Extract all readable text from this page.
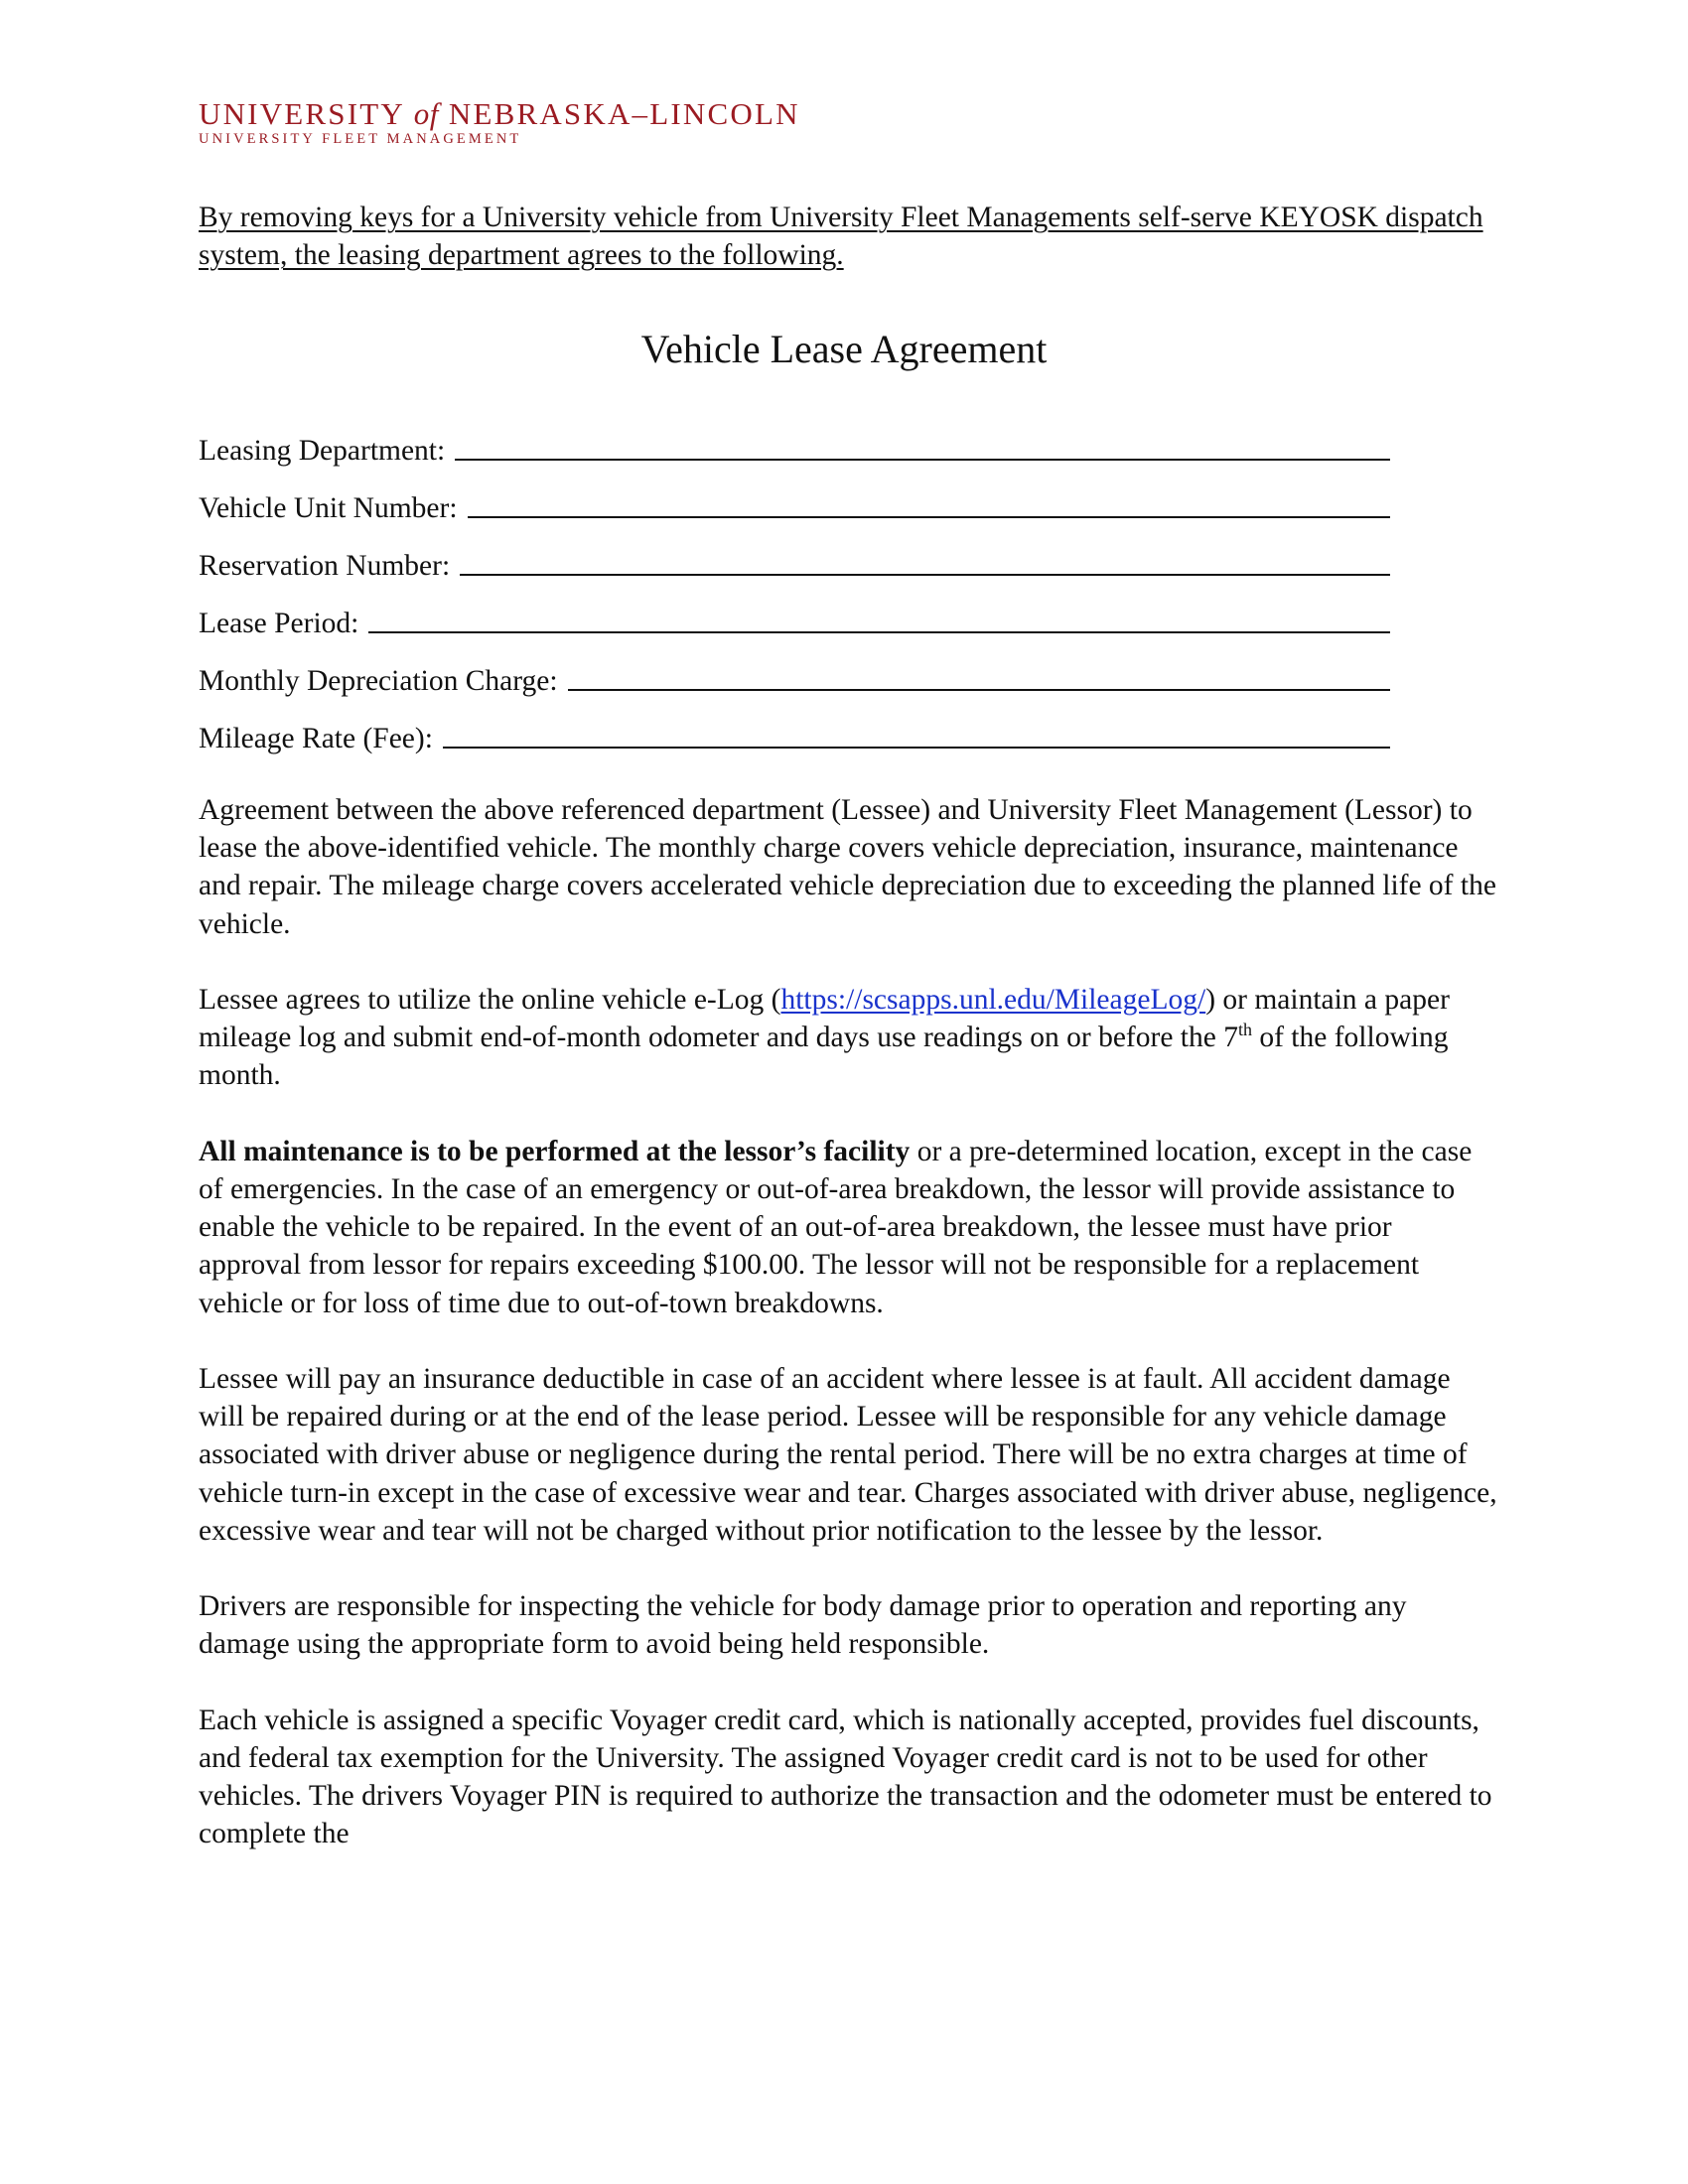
UNIVERSITY of NEBRASKA–LINCOLN
UNIVERSITY FLEET MANAGEMENT
By removing keys for a University vehicle from University Fleet Managements self-serve KEYOSK dispatch system, the leasing department agrees to the following.
Vehicle Lease Agreement
Leasing Department:
Vehicle Unit Number:
Reservation Number:
Lease Period:
Monthly Depreciation Charge:
Mileage Rate (Fee):

Agreement between the above referenced department (Lessee) and University Fleet Management (Lessor) to lease the above-identified vehicle. The monthly charge covers vehicle depreciation, insurance, maintenance and repair. The mileage charge covers accelerated vehicle depreciation due to exceeding the planned life of the vehicle.

Lessee agrees to utilize the online vehicle e-Log (https://scsapps.unl.edu/MileageLog/) or maintain a paper mileage log and submit end-of-month odometer and days use readings on or before the 7th of the following month.

All maintenance is to be performed at the lessor’s facility or a pre-determined location, except in the case of emergencies. In the case of an emergency or out-of-area breakdown, the lessor will provide assistance to enable the vehicle to be repaired. In the event of an out-of-area breakdown, the lessee must have prior approval from lessor for repairs exceeding $100.00. The lessor will not be responsible for a replacement vehicle or for loss of time due to out-of-town breakdowns.

Lessee will pay an insurance deductible in case of an accident where lessee is at fault. All accident damage will be repaired during or at the end of the lease period. Lessee will be responsible for any vehicle damage associated with driver abuse or negligence during the rental period. There will be no extra charges at time of vehicle turn-in except in the case of excessive wear and tear. Charges associated with driver abuse, negligence, excessive wear and tear will not be charged without prior notification to the lessee by the lessor.

Drivers are responsible for inspecting the vehicle for body damage prior to operation and reporting any damage using the appropriate form to avoid being held responsible.

Each vehicle is assigned a specific Voyager credit card, which is nationally accepted, provides fuel discounts, and federal tax exemption for the University. The assigned Voyager credit card is not to be used for other vehicles. The drivers Voyager PIN is required to authorize the transaction and the odometer must be entered to complete the
